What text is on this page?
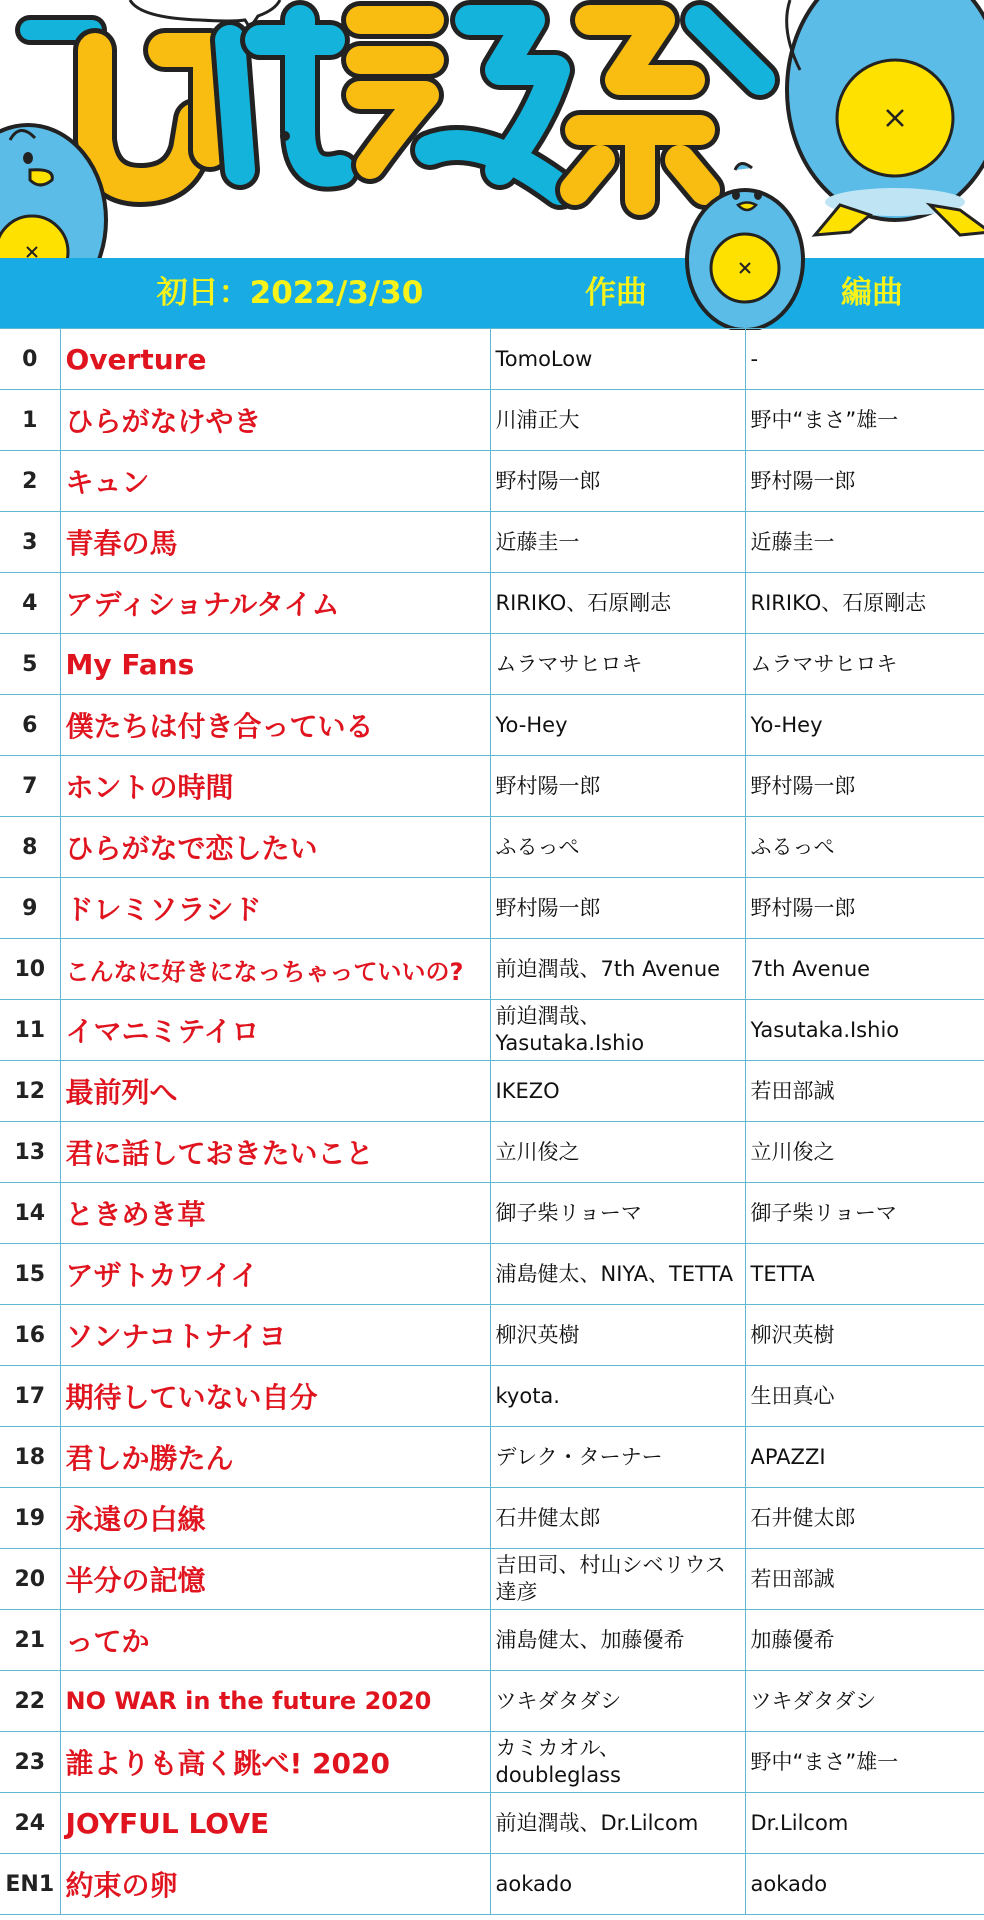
初日：2022/3/30	作曲	編曲
0	Overture	TomoLow	-
1	ひらがなけやき	川浦正大	野中“まさ”雄一
2	キュン	野村陽一郎	野村陽一郎
3	青春の馬	近藤圭一	近藤圭一
4	アディショナルタイム	RIRIKO、石原剛志	RIRIKO、石原剛志
5	My Fans	ムラマサヒロキ	ムラマサヒロキ
6	僕たちは付き合っている	Yo-Hey	Yo-Hey
7	ホントの時間	野村陽一郎	野村陽一郎
8	ひらがなで恋したい	ふるっぺ	ふるっぺ
9	ドレミソラシド	野村陽一郎	野村陽一郎
10	こんなに好きになっちゃっていいの?	前迫潤哉、7th Avenue	7th Avenue
11	イマニミテイロ	前迫潤哉、Yasutaka.Ishio	Yasutaka.Ishio
12	最前列へ	IKEZO	若田部誠
13	君に話しておきたいこと	立川俊之	立川俊之
14	ときめき草	御子柴リョーマ	御子柴リョーマ
15	アザトカワイイ	浦島健太、NIYA、TETTA	TETTA
16	ソンナコトナイヨ	柳沢英樹	柳沢英樹
17	期待していない自分	kyota.	生田真心
18	君しか勝たん	デレク・ターナー	APAZZI
19	永遠の白線	石井健太郎	石井健太郎
20	半分の記憶	吉田司、村山シベリウス達彦	若田部誠
21	ってか	浦島健太、加藤優希	加藤優希
22	NO WAR in the future 2020	ツキダタダシ	ツキダタダシ
23	誰よりも高く跳べ! 2020	カミカオル、doubleglass	野中“まさ”雄一
24	JOYFUL LOVE	前迫潤哉、Dr.Lilcom	Dr.Lilcom
EN1	約束の卵	aokado	aokado
